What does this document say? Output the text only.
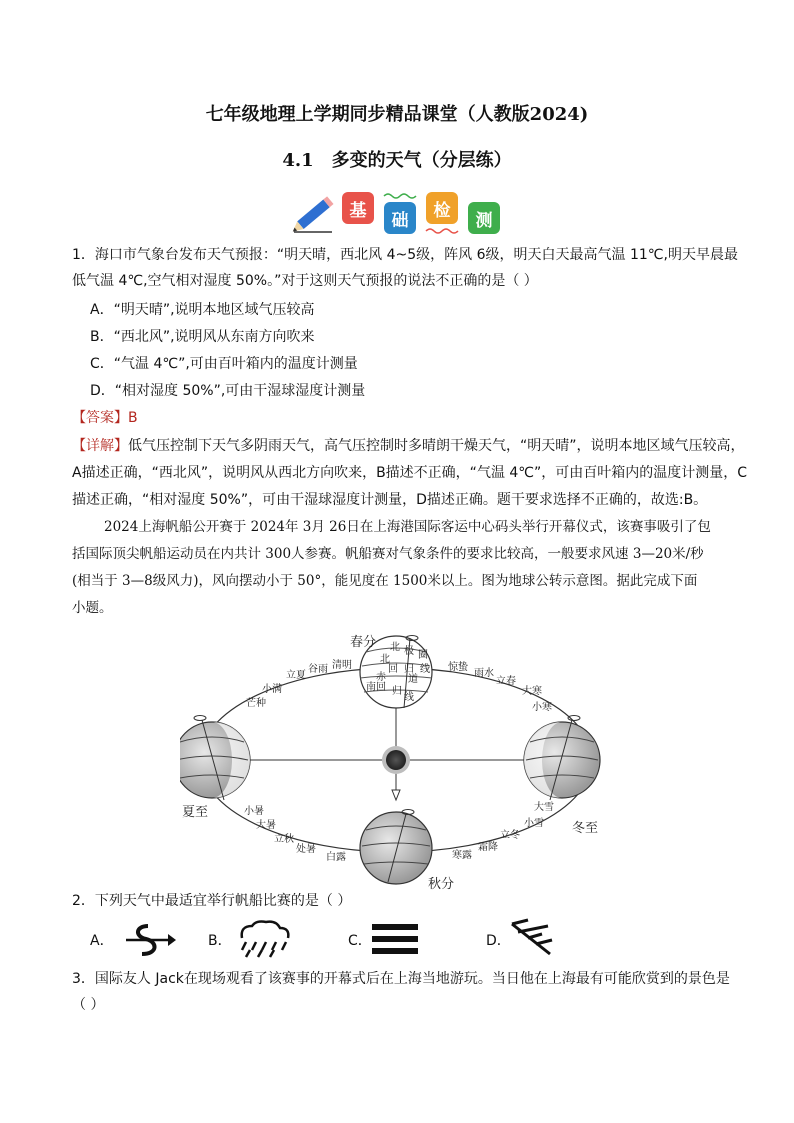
七年级地理上学期同步精品课堂（人教版2024)
4.1　多变的天气（分层练）
基	础	检	测
1．海口市气象台发布天气预报：“明天晴，西北风 4~5级，阵风 6级，明天白天最高气温 11℃,明天早晨最
低气温 4℃,空气相对湿度 50%。”对于这则天气预报的说法不正确的是（ ）
A．“明天晴”,说明本地区域气压较高
B．“西北风”,说明风从东南方向吹来
C．“气温 4℃”,可由百叶箱内的温度计测量
D．“相对湿度 50%”,可由干湿球湿度计测量
【答案】B
【详解】低气压控制下天气多阴雨天气，高气压控制时多晴朗干燥天气，“明天晴”，说明本地区域气压较高，
A描述正确，“西北风”，说明风从西北方向吹来，B描述不正确，“气温 4℃”，可由百叶箱内的温度计测量，C
描述正确，“相对湿度 50%”，可由干湿球湿度计测量，D描述正确。题干要求选择不正确的，故选:B。
2024上海帆船公开赛于 2024年 3月 26日在上海港国际客运中心码头举行开幕仪式，该赛事吸引了包
括国际顶尖帆船运动员在内共计 300人参赛。帆船赛对气象条件的要求比较高，一般要求风速 3—20米/秒
(相当于 3—8级风力)，风向摆动小于 50°，能见度在 1500米以上。图为地球公转示意图。据此完成下面
小题。
春分 北 极 圈
北
回 归 线
赤 道
南 回 归
线
夏至
冬至
秋分
立夏
谷雨 清明
小满
芒种
惊蛰
雨水
立春
大寒
小寒
小暑
大暑
立秋
处暑
白露
大雪
小雪
立冬
霜降
寒露
2．下列天气中最适宜举行帆船比赛的是（ ）
A．	B．	C．	D．
3．国际友人 Jack在现场观看了该赛事的开幕式后在上海当地游玩。当日他在上海最有可能欣赏到的景色是
（ ）
